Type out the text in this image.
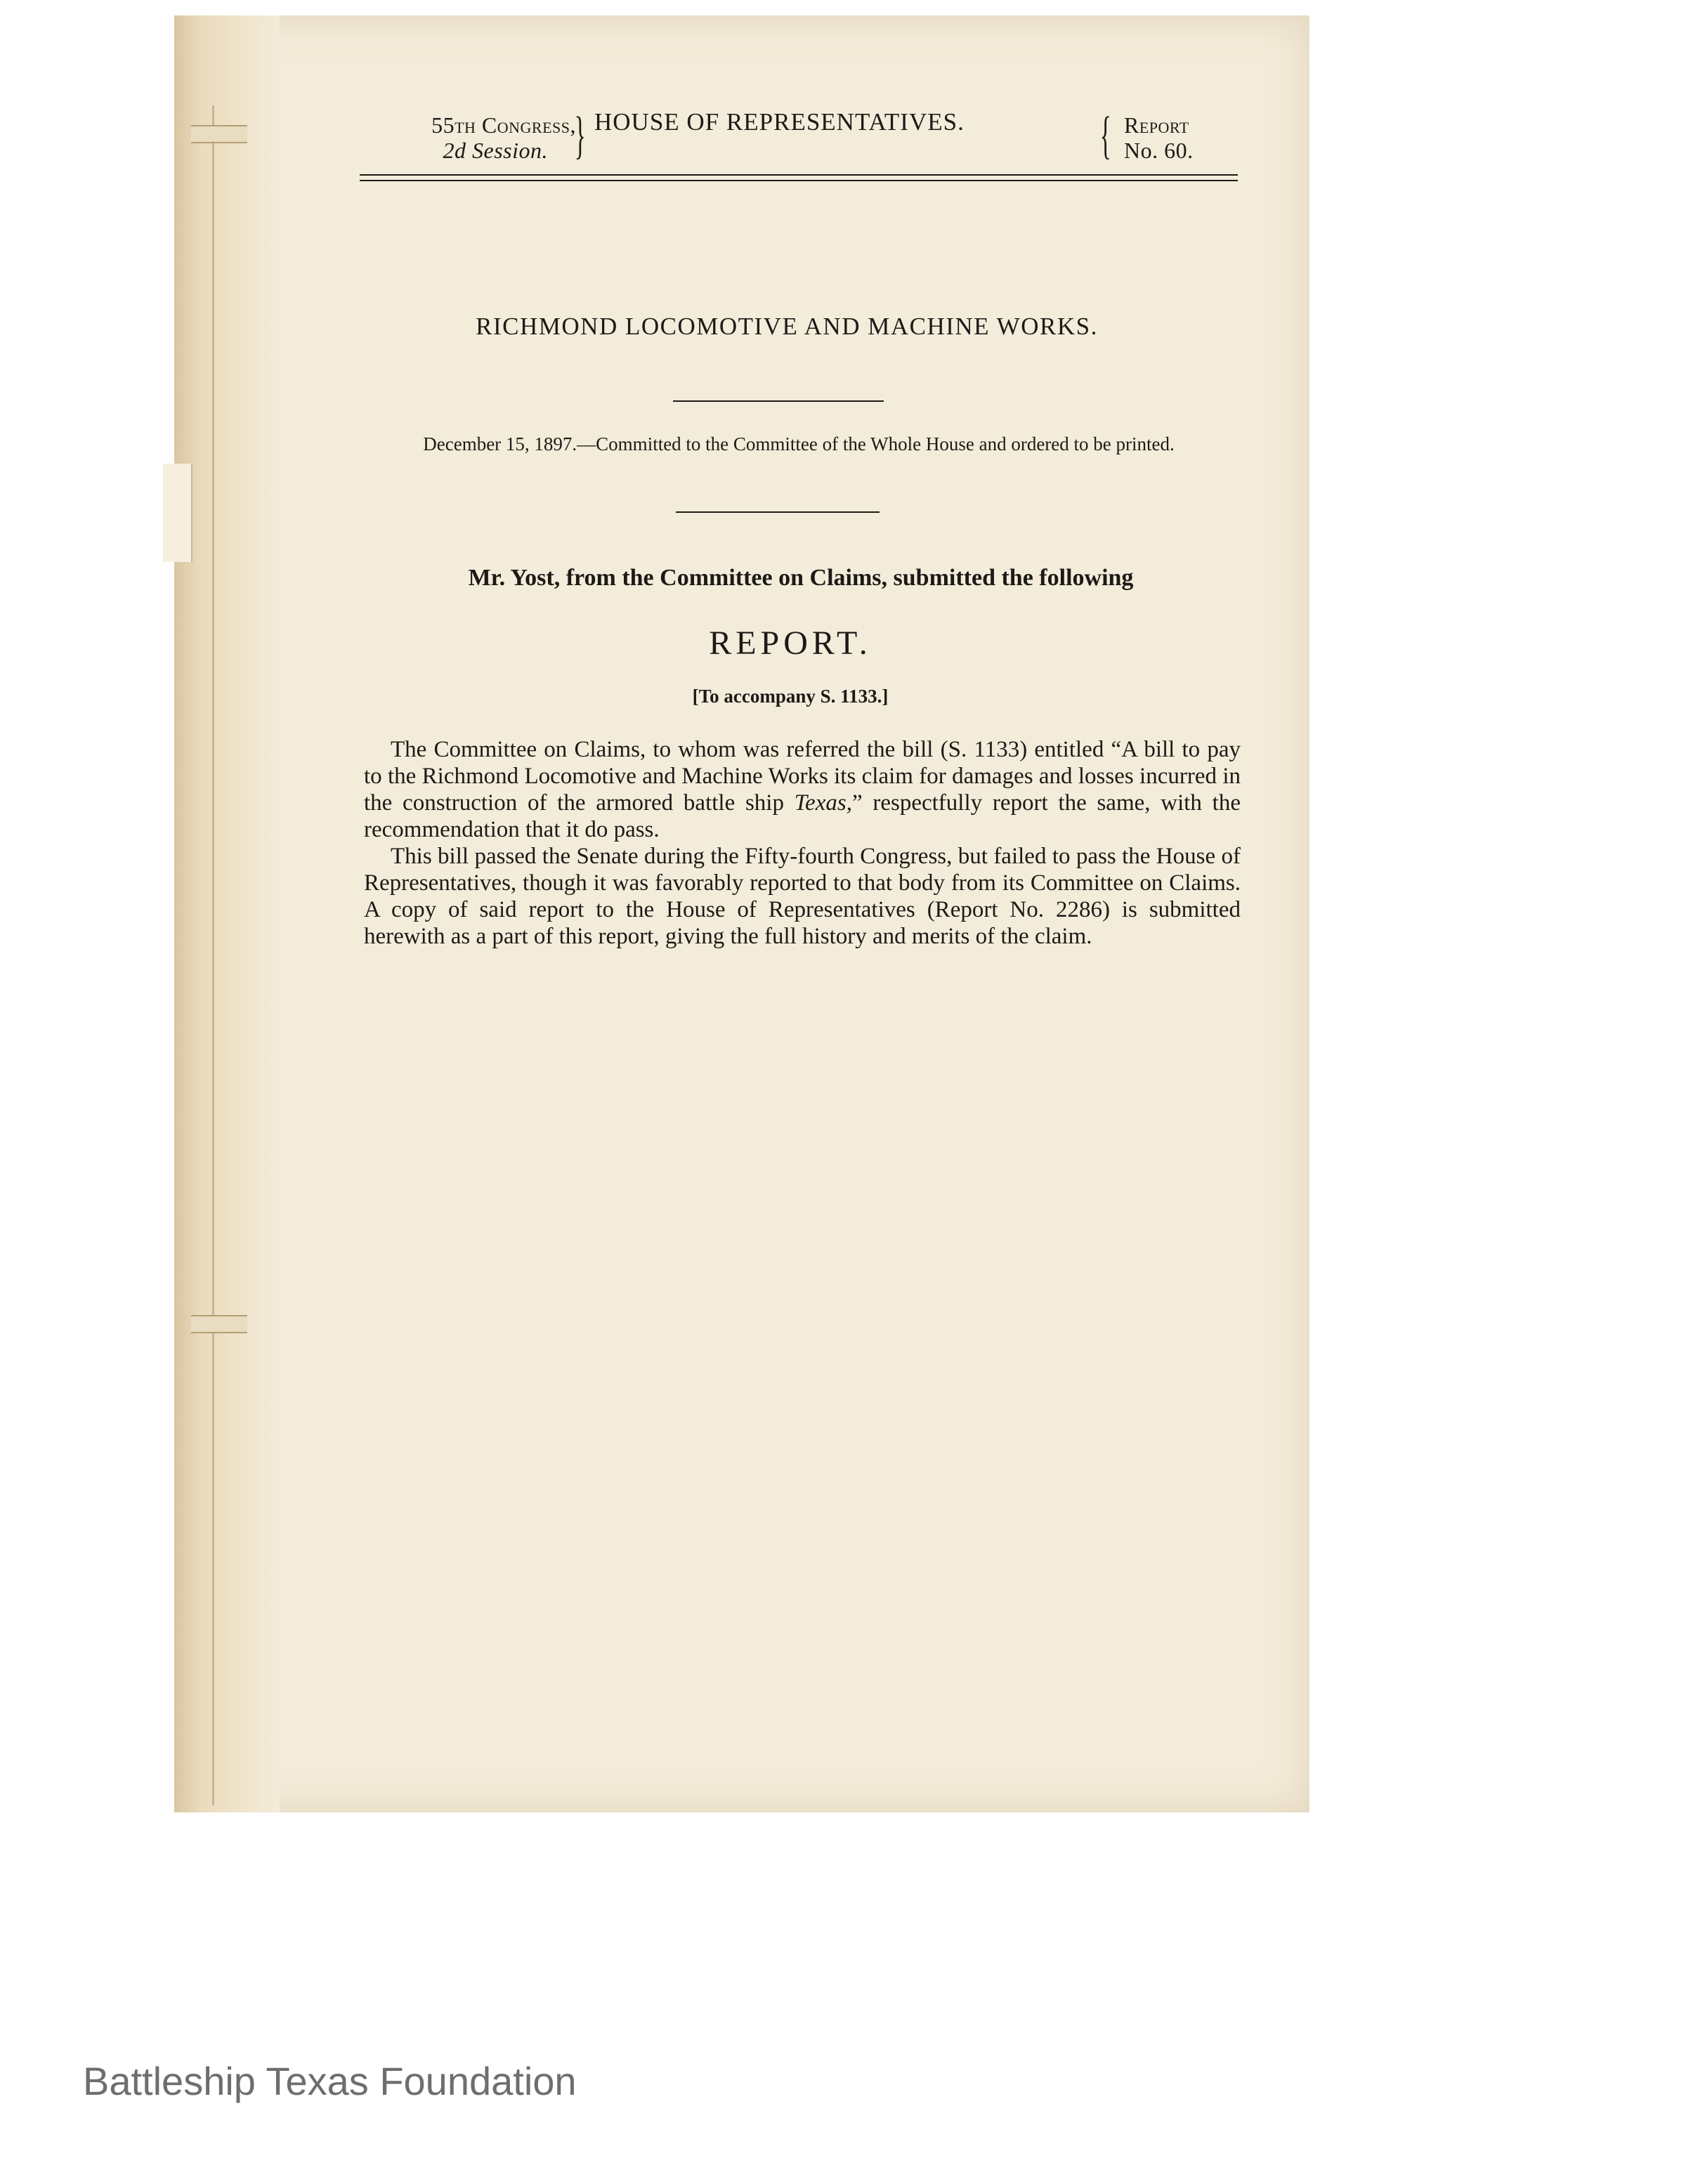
55th Congress,
2d Session. } HOUSE OF REPRESENTATIVES.	{ Report
No. 60.
RICHMOND LOCOMOTIVE AND MACHINE WORKS.
December 15, 1897.—Committed to the Committee of the Whole House and ordered to be printed.
Mr. Yost, from the Committee on Claims, submitted the following
REPORT.
[To accompany S. 1133.]

The Committee on Claims, to whom was referred the bill (S. 1133) entitled “A bill to pay to the Richmond Locomotive and Machine Works its claim for damages and losses incurred in the construction of the armored battle ship Texas,” respectfully report the same, with the recommendation that it do pass.

This bill passed the Senate during the Fifty-fourth Congress, but failed to pass the House of Representatives, though it was favorably reported to that body from its Committee on Claims. A copy of said report to the House of Representatives (Report No. 2286) is submitted herewith as a part of this report, giving the full history and merits of the claim.

Battleship Texas Foundation
